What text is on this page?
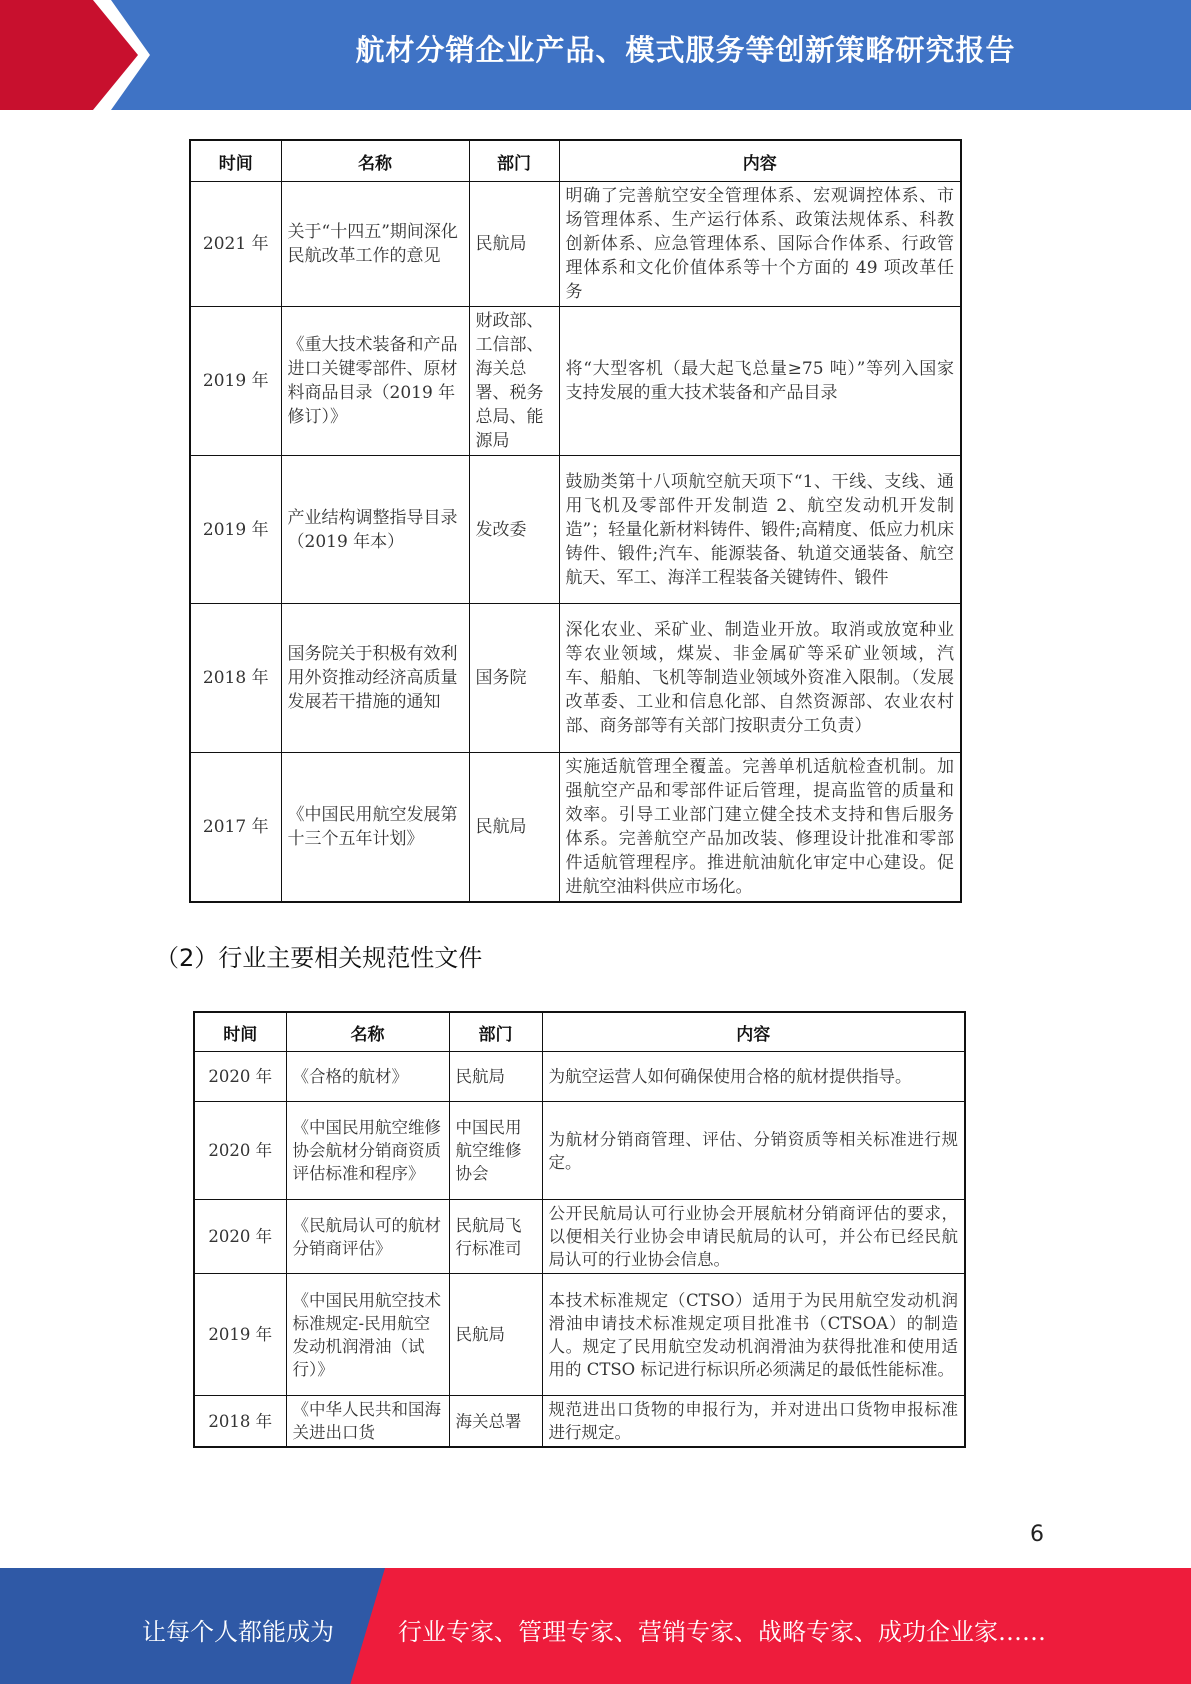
航材分销企业产品、模式服务等创新策略研究报告
时间	名称	部门	内容
2021 年	关于“十四五”期间深化民航改革工作的意见	民航局	明确了完善航空安全管理体系、宏观调控体系、市场管理体系、生产运行体系、政策法规体系、科教创新体系、应急管理体系、国际合作体系、行政管理体系和文化价值体系等十个方面的 49 项改革任务
2019 年	《重大技术装备和产品进口关键零部件、原材料商品目录（2019 年修订）》	财政部、工信部、海关总署、税务总局、能源局	将“大型客机（最大起飞总量≥75 吨）”等列入国家支持发展的重大技术装备和产品目录
2019 年	产业结构调整指导目录（2019 年本）	发改委	鼓励类第十八项航空航天项下“1、干线、支线、通用飞机及零部件开发制造 2、航空发动机开发制造”；轻量化新材料铸件、锻件;高精度、低应力机床铸件、锻件;汽车、能源装备、轨道交通装备、航空航天、军工、海洋工程装备关键铸件、锻件
2018 年	国务院关于积极有效利用外资推动经济高质量发展若干措施的通知	国务院	深化农业、采矿业、制造业开放。取消或放宽种业等农业领域，煤炭、非金属矿等采矿业领域，汽车、船舶、飞机等制造业领域外资准入限制。（发展改革委、工业和信息化部、自然资源部、农业农村部、商务部等有关部门按职责分工负责）
2017 年	《中国民用航空发展第十三个五年计划》	民航局	实施适航管理全覆盖。完善单机适航检查机制。加强航空产品和零部件证后管理，提高监管的质量和效率。引导工业部门建立健全技术支持和售后服务体系。完善航空产品加改装、修理设计批准和零部件适航管理程序。推进航油航化审定中心建设。促进航空油料供应市场化。
（2）行业主要相关规范性文件
时间	名称	部门	内容
2020 年	《合格的航材》	民航局	为航空运营人如何确保使用合格的航材提供指导。
2020 年	《中国民用航空维修协会航材分销商资质评估标准和程序》	中国民用航空维修协会	为航材分销商管理、评估、分销资质等相关标准进行规定。
2020 年	《民航局认可的航材分销商评估》	民航局飞行标准司	公开民航局认可行业协会开展航材分销商评估的要求，以便相关行业协会申请民航局的认可，并公布已经民航局认可的行业协会信息。
2019 年	《中国民用航空技术标准规定-民用航空发动机润滑油（试行）》	民航局	本技术标准规定（CTSO）适用于为民用航空发动机润滑油申请技术标准规定项目批准书（CTSOA）的制造人。规定了民用航空发动机润滑油为获得批准和使用适用的 CTSO 标记进行标识所必须满足的最低性能标准。
2018 年	《中华人民共和国海关进出口货	海关总署	规范进出口货物的申报行为，并对进出口货物申报标准进行规定。
6
让每个人都能成为	行业专家、管理专家、营销专家、战略专家、成功企业家……
